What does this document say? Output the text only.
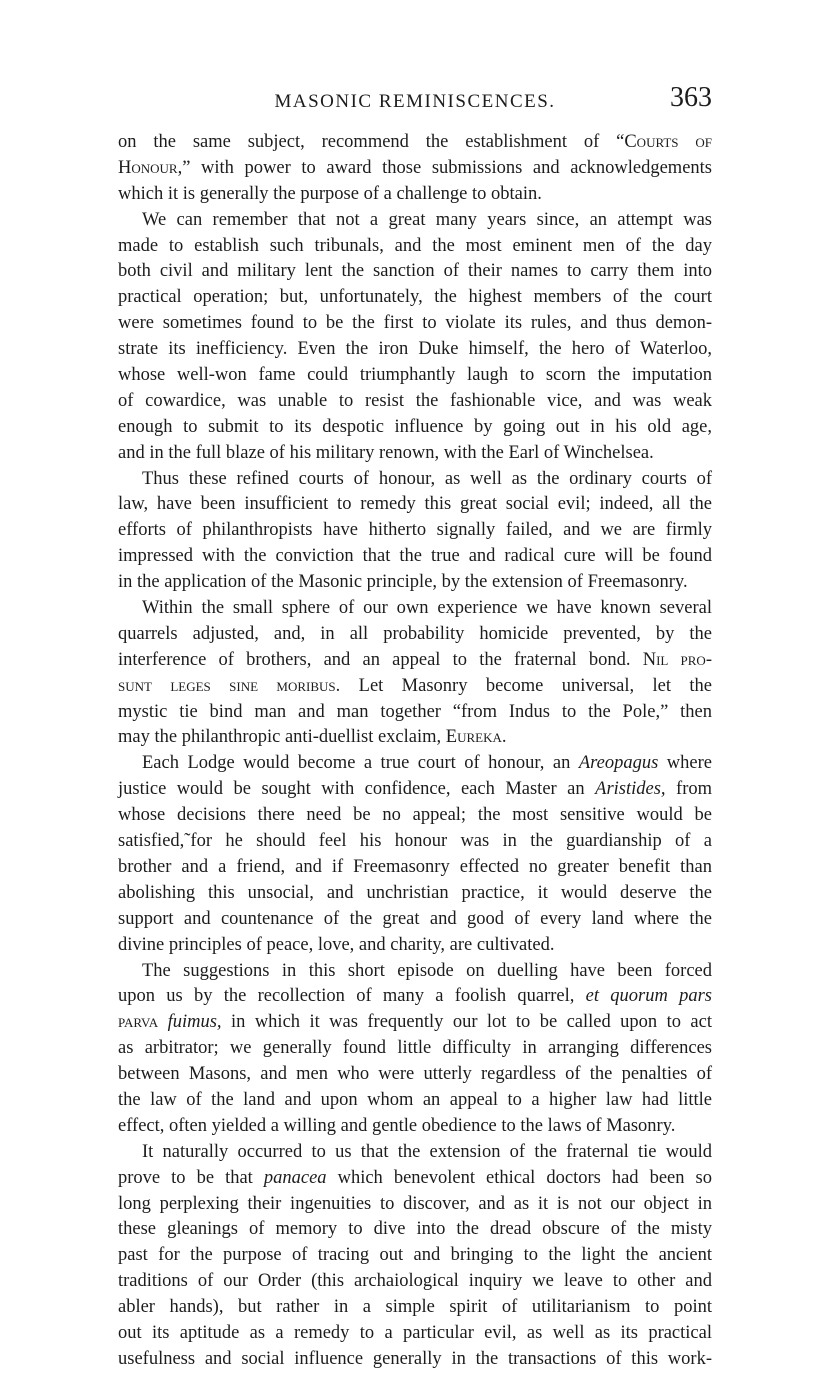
MASONIC REMINISCENCES.	363
on the same subject, recommend the establishment of “Courts of
Honour,” with power to award those submissions and acknowledgements
which it is generally the purpose of a challenge to obtain.
We can remember that not a great many years since, an attempt was
made to establish such tribunals, and the most eminent men of the day
both civil and military lent the sanction of their names to carry them into
practical operation; but, unfortunately, the highest members of the court
were sometimes found to be the first to violate its rules, and thus demon-
strate its inefficiency. Even the iron Duke himself, the hero of Waterloo,
whose well-won fame could triumphantly laugh to scorn the imputation
of cowardice, was unable to resist the fashionable vice, and was weak
enough to submit to its despotic influence by going out in his old age,
and in the full blaze of his military renown, with the Earl of Winchelsea.
Thus these refined courts of honour, as well as the ordinary courts of
law, have been insufficient to remedy this great social evil; indeed, all the
efforts of philanthropists have hitherto signally failed, and we are firmly
impressed with the conviction that the true and radical cure will be found
in the application of the Masonic principle, by the extension of Freemasonry.
Within the small sphere of our own experience we have known several
quarrels adjusted, and, in all probability homicide prevented, by the
interference of brothers, and an appeal to the fraternal bond. Nil pro-
sunt leges sine moribus. Let Masonry become universal, let the
mystic tie bind man and man together “from Indus to the Pole,” then
may the philanthropic anti-duellist exclaim, Eureka.
Each Lodge would become a true court of honour, an Areopagus where
justice would be sought with confidence, each Master an Aristides, from
whose decisions there need be no appeal; the most sensitive would be
satisfied,˜for he should feel his honour was in the guardianship of a
brother and a friend, and if Freemasonry effected no greater benefit than
abolishing this unsocial, and unchristian practice, it would deserve the
support and countenance of the great and good of every land where the
divine principles of peace, love, and charity, are cultivated.
The suggestions in this short episode on duelling have been forced
upon us by the recollection of many a foolish quarrel, et quorum pars
parva fuimus, in which it was frequently our lot to be called upon to act
as arbitrator; we generally found little difficulty in arranging differences
between Masons, and men who were utterly regardless of the penalties of
the law of the land and upon whom an appeal to a higher law had little
effect, often yielded a willing and gentle obedience to the laws of Masonry.
It naturally occurred to us that the extension of the fraternal tie would
prove to be that panacea which benevolent ethical doctors had been so
long perplexing their ingenuities to discover, and as it is not our object in
these gleanings of memory to dive into the dread obscure of the misty
past for the purpose of tracing out and bringing to the light the ancient
traditions of our Order (this archaiological inquiry we leave to other and
abler hands), but rather in a simple spirit of utilitarianism to point
out its aptitude as a remedy to a particular evil, as well as its practical
usefulness and social influence generally in the transactions of this work-
